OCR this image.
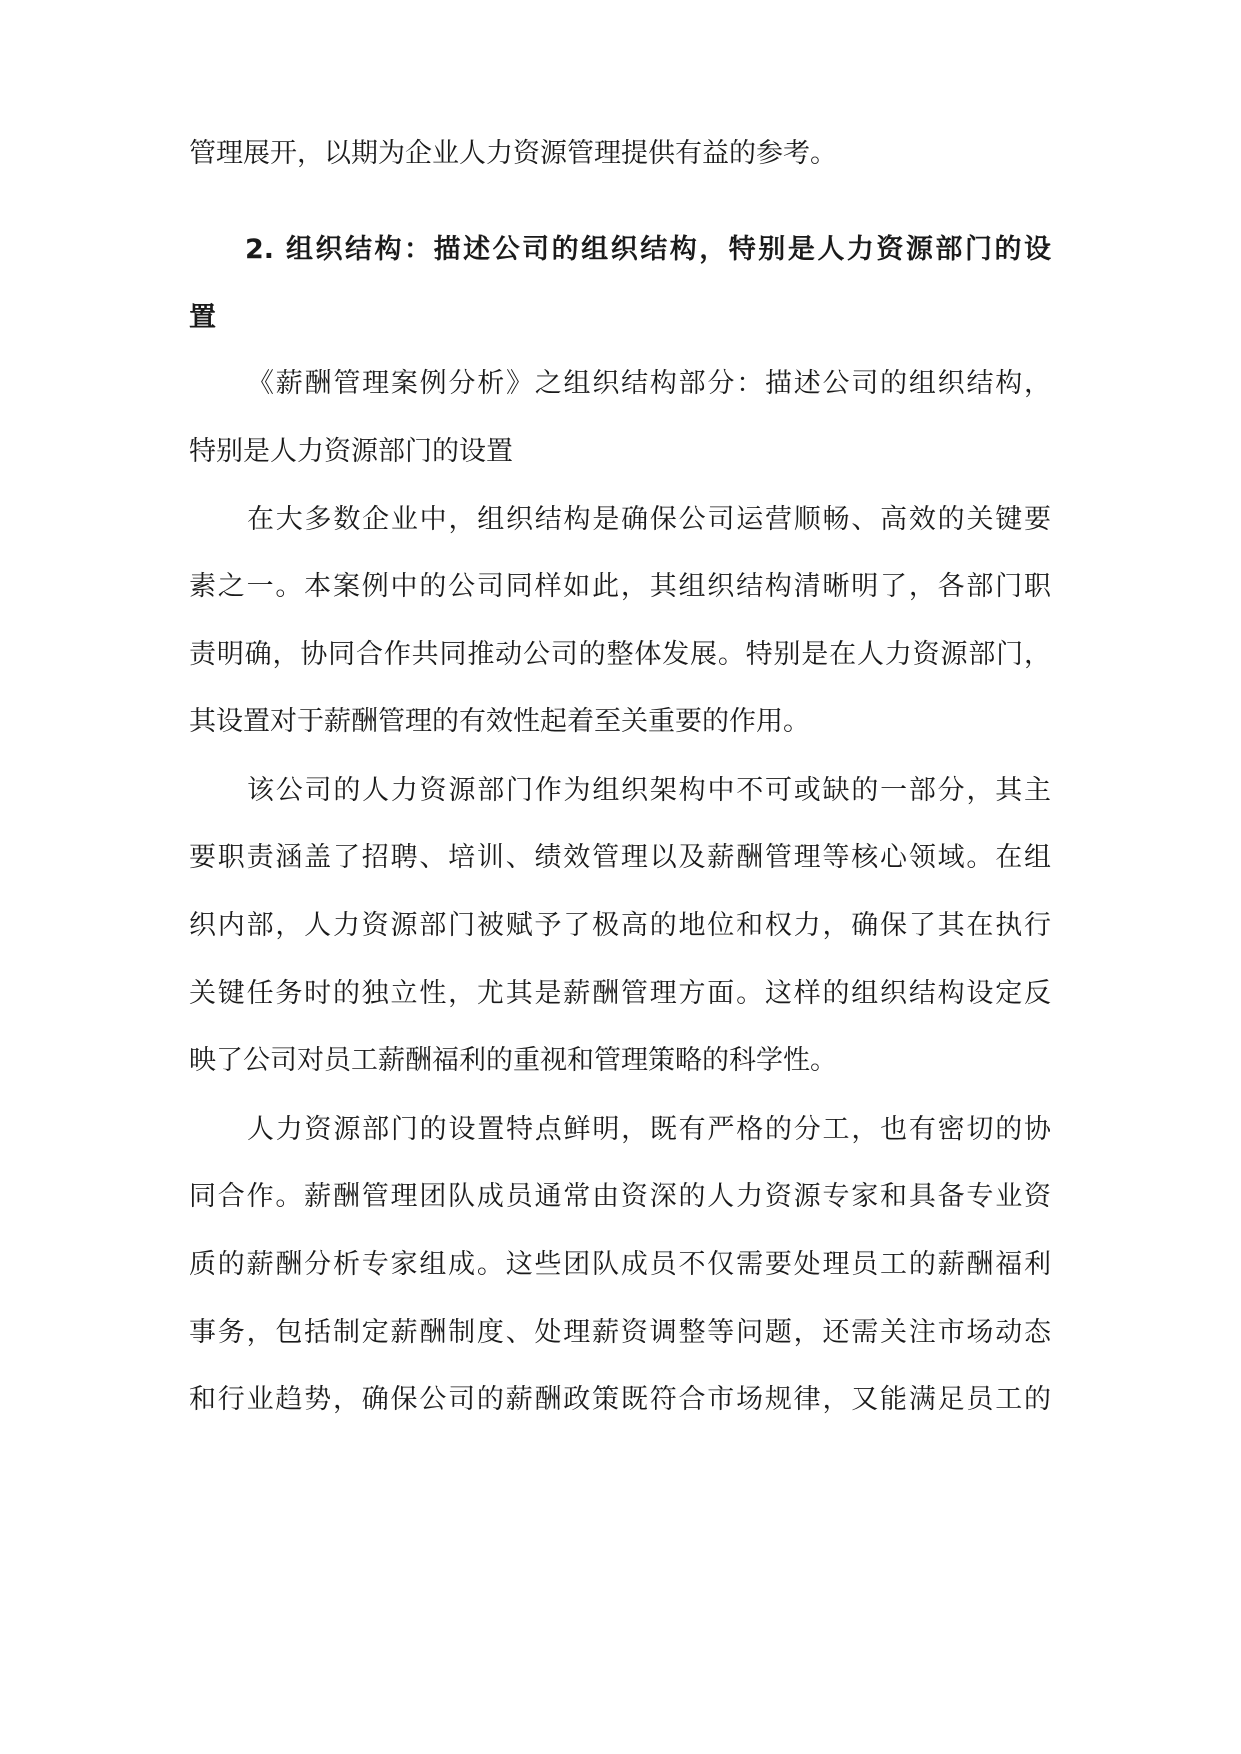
管理展开，以期为企业人力资源管理提供有益的参考。
2. 组织结构：描述公司的组织结构，特别是人力资源部门的设
置
《薪酬管理案例分析》之组织结构部分：描述公司的组织结构，
特别是人力资源部门的设置
在大多数企业中，组织结构是确保公司运营顺畅、高效的关键要
素之一。本案例中的公司同样如此，其组织结构清晰明了，各部门职
责明确，协同合作共同推动公司的整体发展。特别是在人力资源部门，
其设置对于薪酬管理的有效性起着至关重要的作用。
该公司的人力资源部门作为组织架构中不可或缺的一部分，其主
要职责涵盖了招聘、培训、绩效管理以及薪酬管理等核心领域。在组
织内部，人力资源部门被赋予了极高的地位和权力，确保了其在执行
关键任务时的独立性，尤其是薪酬管理方面。这样的组织结构设定反
映了公司对员工薪酬福利的重视和管理策略的科学性。
人力资源部门的设置特点鲜明，既有严格的分工，也有密切的协
同合作。薪酬管理团队成员通常由资深的人力资源专家和具备专业资
质的薪酬分析专家组成。这些团队成员不仅需要处理员工的薪酬福利
事务，包括制定薪酬制度、处理薪资调整等问题，还需关注市场动态
和行业趋势，确保公司的薪酬政策既符合市场规律，又能满足员工的
